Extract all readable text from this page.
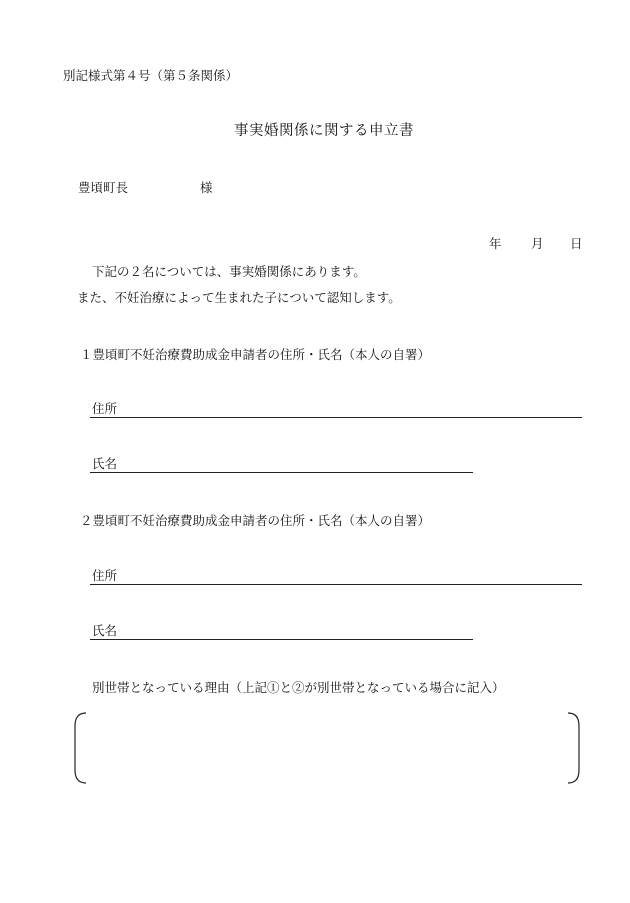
別記様式第４号（第５条関係）
事実婚関係に関する申立書
豊頃町長	様
年 月 日
下記の２名については、事実婚関係にあります。
また、不妊治療によって生まれた子について認知します。
１豊頃町不妊治療費助成金申請者の住所・氏名（本人の自署）
住所
氏名
２豊頃町不妊治療費助成金申請者の住所・氏名（本人の自署）
住所
氏名
別世帯となっている理由（上記①と②が別世帯となっている場合に記入）
